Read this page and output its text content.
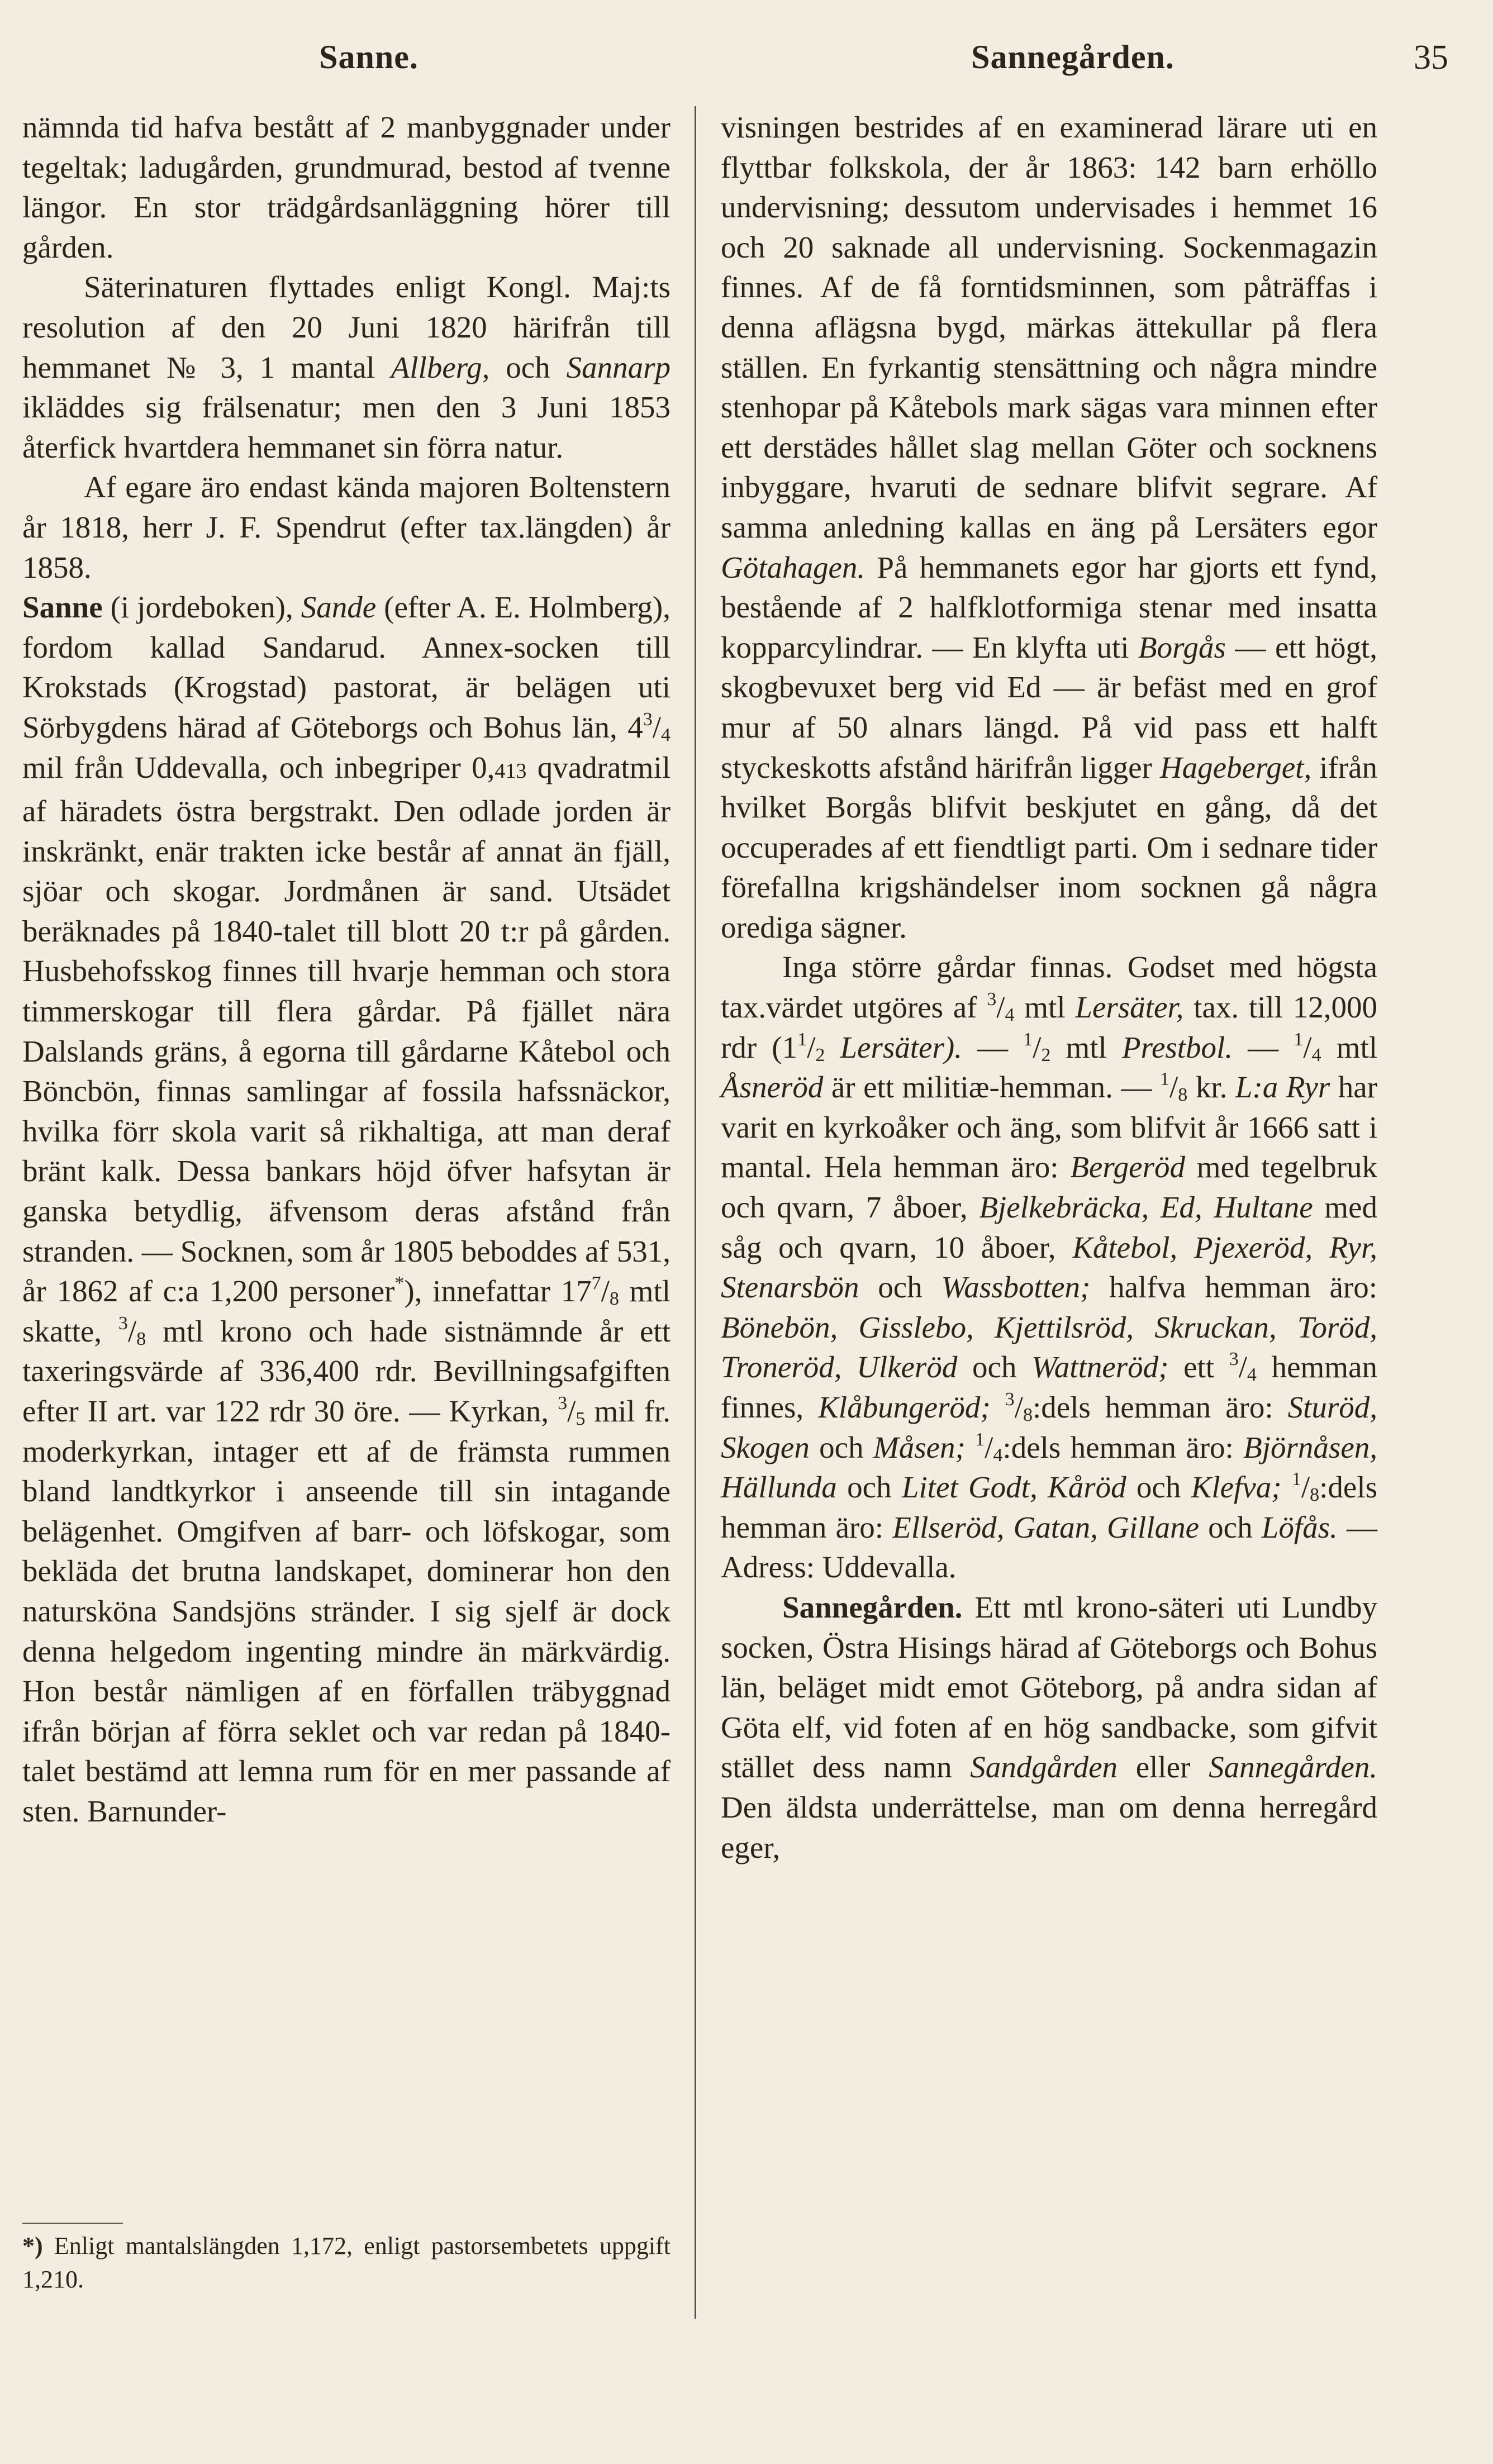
Sanne.	Sannegården.	35

nämnda tid hafva bestått af 2 manbyggnader under tegeltak; ladugården, grundmurad, bestod af tvenne längor. En stor trädgårdsanläggning hörer till gården.

Säterinaturen flyttades enligt Kongl. Maj:ts resolution af den 20 Juni 1820 härifrån till hemmanet № 3, 1 mantal Allberg, och Sannarp ikläddes sig frälsenatur; men den 3 Juni 1853 återfick hvartdera hemmanet sin förra natur.

Af egare äro endast kända majoren Boltenstern år 1818, herr J. F. Spendrut (efter tax.längden) år 1858.

Sanne (i jordeboken), Sande (efter A. E. Holmberg), fordom kallad Sandarud. Annex-socken till Krokstads (Krogstad) pastorat, är belägen uti Sörbygdens härad af Göteborgs och Bohus län, $4^3/_4$ mil från Uddevalla, och inbegriper 0,413 qvadratmil af häradets östra bergstrakt. Den odlade jorden är inskränkt, enär trakten icke består af annat än fjäll, sjöar och skogar. Jordmånen är sand. Utsädet beräknades på 1840-talet till blott 20 t:r på gården. Husbehofsskog finnes till hvarje hemman och stora timmerskogar till flera gårdar. På fjället nära Dalslands gräns, å egorna till gårdarne Kåtebol och Böncbön, finnas samlingar af fossila hafssnäckor, hvilka förr skola varit så rikhaltiga, att man deraf bränt kalk. Dessa bankars höjd öfver hafsytan är ganska betydlig, äfvensom deras afstånd från stranden. — Socknen, som år 1805 beboddes af 531, år 1862 af c:a 1,200 personer*), innefattar $17^7/_8$ mtl skatte, $^3/_8$ mtl krono och hade sistnämnde år ett taxeringsvärde af 336,400 rdr. Bevillningsafgiften efter II art. var 122 rdr 30 öre. — Kyrkan, $^3/_5$ mil fr. moderkyrkan, intager ett af de främsta rummen bland landtkyrkor i anseende till sin intagande belägenhet. Omgifven af barr- och löfskogar, som bekläda det brutna landskapet, dominerar hon den naturskönа Sandsjöns stränder. I sig sjelf är dock denna helgedom ingenting mindre än märkvärdig. Hon består nämligen af en förfallen träbyggnad ifrån början af förra seklet och var redan på 1840-talet bestämd att lemna rum för en mer passande af sten. Barnunder-

*) Enligt mantalslängden 1,172, enligt pastorsembetets uppgift 1,210.

visningen bestrides af en examinerad lärare uti en flyttbar folkskola, der år 1863: 142 barn erhöllo undervisning; dessutom undervisades i hemmet 16 och 20 saknade all undervisning. Sockenmagazin finnes. Af de få forntidsminnen, som påträffas i denna aflägsna bygd, märkas ättekullar på flera ställen. En fyrkantig stensättning och några mindre stenhopar på Kåtebols mark sägas vara minnen efter ett derstädes hållet slag mellan Göter och socknens inbyggare, hvaruti de sednare blifvit segrare. Af samma anledning kallas en äng på Lersäters egor Götahagen. På hemmanets egor har gjorts ett fynd, bestående af 2 halfklotformiga stenar med insatta kopparcylindrar. — En klyfta uti Borgås — ett högt, skogbevuxet berg vid Ed — är befäst med en grof mur af 50 alnars längd. På vid pass ett halft styckeskotts afstånd härifrån ligger Hageberget, ifrån hvilket Borgås blifvit beskjutet en gång, då det occuperades af ett fiendtligt parti. Om i sednare tider förefallna krigshändelser inom socknen gå några orediga sägner.

Inga större gårdar finnas. Godset med högsta tax.värdet utgöres af $^3/_4$ mtl Lersäter, tax. till 12,000 rdr ($1^1/_2$ Lersäter). — $^1/_2$ mtl Prestbol. — $^1/_4$ mtl Åsneröd är ett militiæ-hemman. — $^1/_8$ kr. L:a Ryr har varit en kyrkoåker och äng, som blifvit år 1666 satt i mantal. Hela hemman äro: Bergeröd med tegelbruk och qvarn, 7 åboer, Bjelkebräcka, Ed, Hultane med såg och qvarn, 10 åboer, Kåtebol, Pjexeröd, Ryr, Stenarsbön och Wassbotten; halfva hemman äro: Bönebön, Gisslebo, Kjettilsröd, Skruckan, Toröd, Troneröd, Ulkeröd och Wattneröd; ett $^3/_4$ hemman finnes, Klåbungeröd; $^3/_8:dels$ hemman äro: Sturöd, Skogen och Måsen; $^1/_4:dels$ hemman äro: Björnåsen, Hällunda och Litet Godt, Kåröd och Klefva; $^1/_8:dels$ hemman äro: Ellseröd, Gatan, Gillane och Löfås. — Adress: Uddevalla.

Sannegården. Ett mtl krono-säteri uti Lundby socken, Östra Hisings härad af Göteborgs och Bohus län, beläget midt emot Göteborg, på andra sidan af Göta elf, vid foten af en hög sandbacke, som gifvit stället dess namn Sandgården eller Sannegården. Den äldsta underrättelse, man om denna herregård eger,
